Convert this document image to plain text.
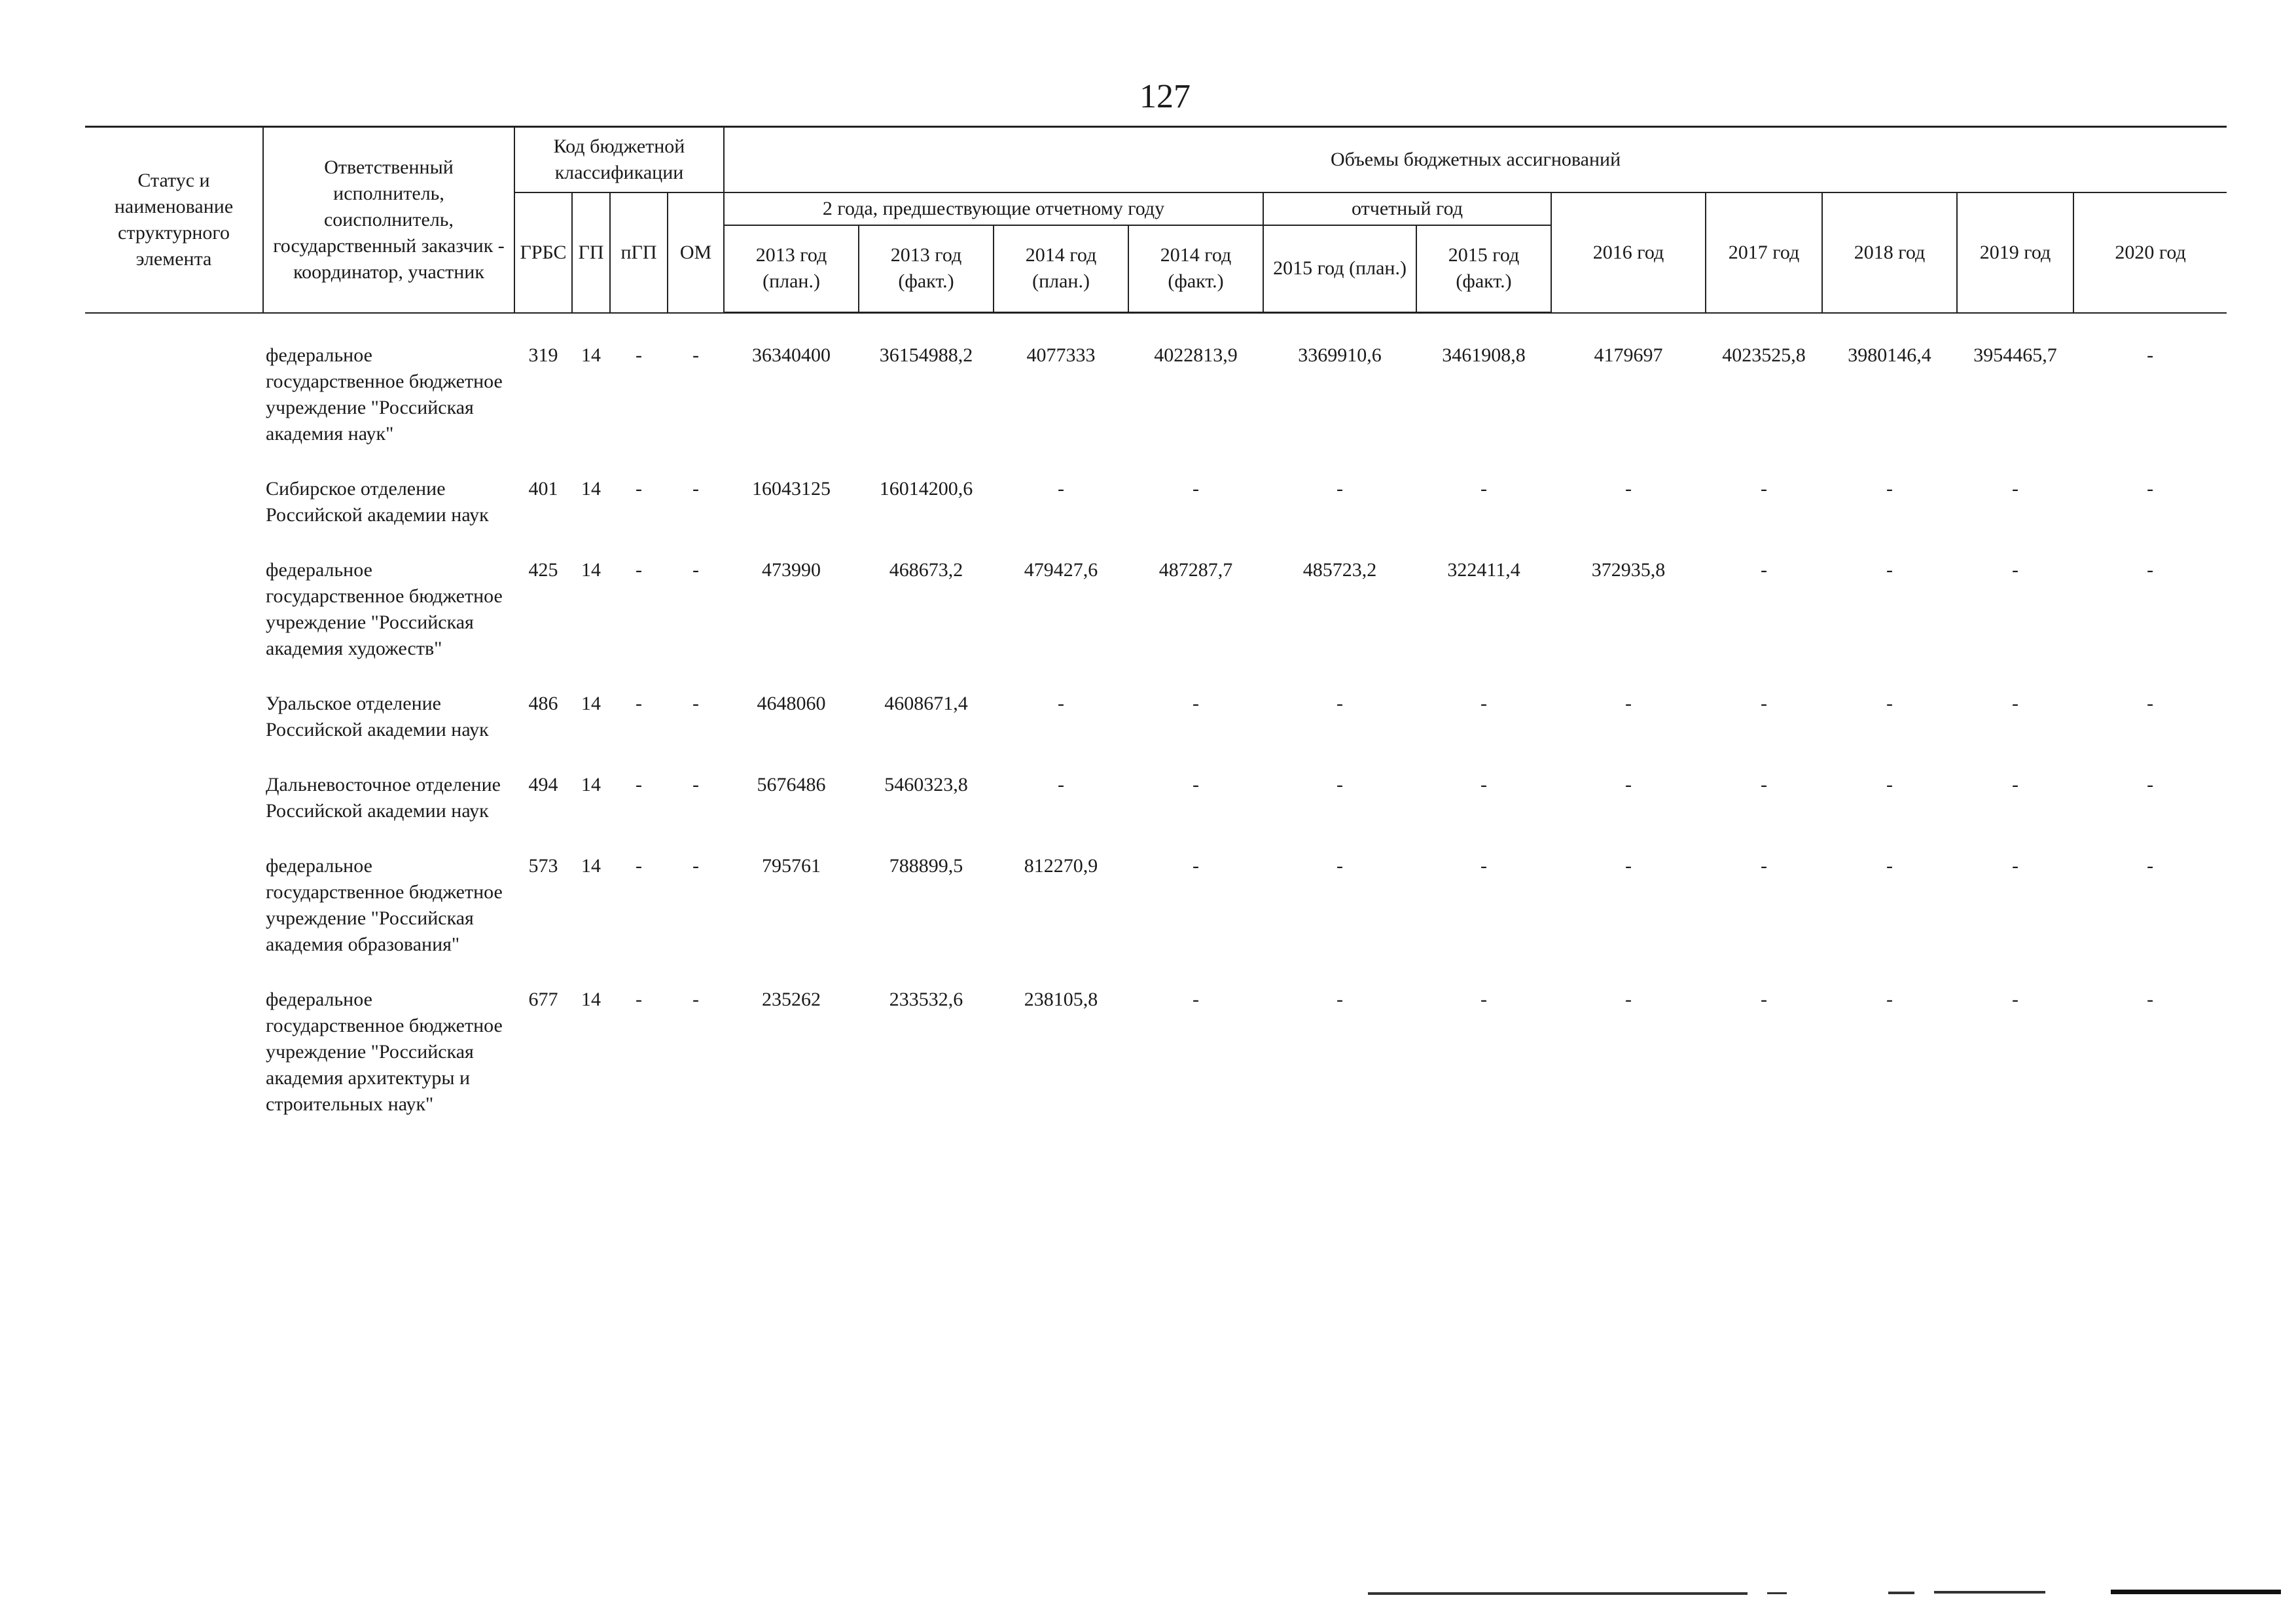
127
Статус и наименование структурного элемента	Ответственный исполнитель, соисполнитель, государственный заказчик - координатор, участник	Код бюджетной классификации				Объемы бюджетных ассигнований										
		ГРБС	ГП	пГП	ОМ	2 года, предшествующие отчетному году				отчетный год		2016 год	2017 год	2018 год	2019 год	2020 год
						2013 год (план.)	2013 год (факт.)	2014 год (план.)	2014 год (факт.)	2015 год (план.)	2015 год (факт.)					
	федеральное государственное бюджетное учреждение "Российская академия наук"	319	14	-	-	36340400	36154988,2	4077333	4022813,9	3369910,6	3461908,8	4179697	4023525,8	3980146,4	3954465,7	-
	Сибирское отделение Российской академии наук	401	14	-	-	16043125	16014200,6	-	-	-	-	-	-	-	-	-
	федеральное государственное бюджетное учреждение "Российская академия художеств"	425	14	-	-	473990	468673,2	479427,6	487287,7	485723,2	322411,4	372935,8	-	-	-	-
	Уральское отделение Российской академии наук	486	14	-	-	4648060	4608671,4	-	-	-	-	-	-	-	-	-
	Дальневосточное отделение Российской академии наук	494	14	-	-	5676486	5460323,8	-	-	-	-	-	-	-	-	-
	федеральное государственное бюджетное учреждение "Российская академия образования"	573	14	-	-	795761	788899,5	812270,9	-	-	-	-	-	-	-	-
	федеральное государственное бюджетное учреждение "Российская академия архитектуры и строительных наук"	677	14	-	-	235262	233532,6	238105,8	-	-	-	-	-	-	-	-
